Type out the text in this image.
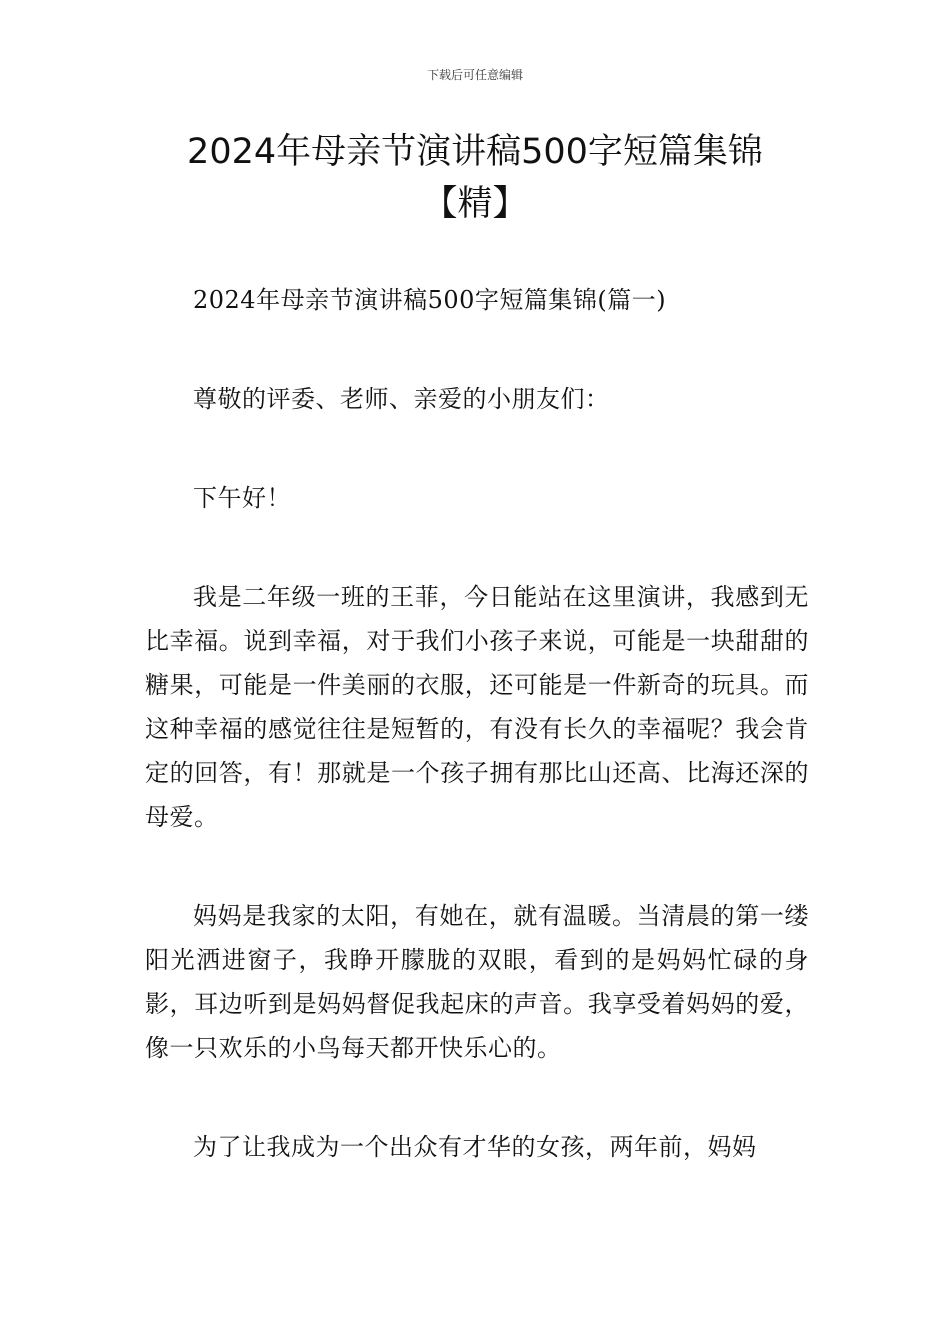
下载后可任意编辑
2024年母亲节演讲稿500字短篇集锦
【精】

2024年母亲节演讲稿500字短篇集锦(篇一)

尊敬的评委、老师、亲爱的小朋友们：

下午好！

我是二年级一班的王菲，今日能站在这里演讲，我感到无比幸福。说到幸福，对于我们小孩子来说，可能是一块甜甜的糖果，可能是一件美丽的衣服，还可能是一件新奇的玩具。而这种幸福的感觉往往是短暂的，有没有长久的幸福呢？我会肯定的回答，有！那就是一个孩子拥有那比山还高、比海还深的母爱。

妈妈是我家的太阳，有她在，就有温暖。当清晨的第一缕阳光洒进窗子，我睁开朦胧的双眼，看到的是妈妈忙碌的身影，耳边听到是妈妈督促我起床的声音。我享受着妈妈的爱，像一只欢乐的小鸟每天都开快乐心的。

为了让我成为一个出众有才华的女孩，两年前，妈妈
